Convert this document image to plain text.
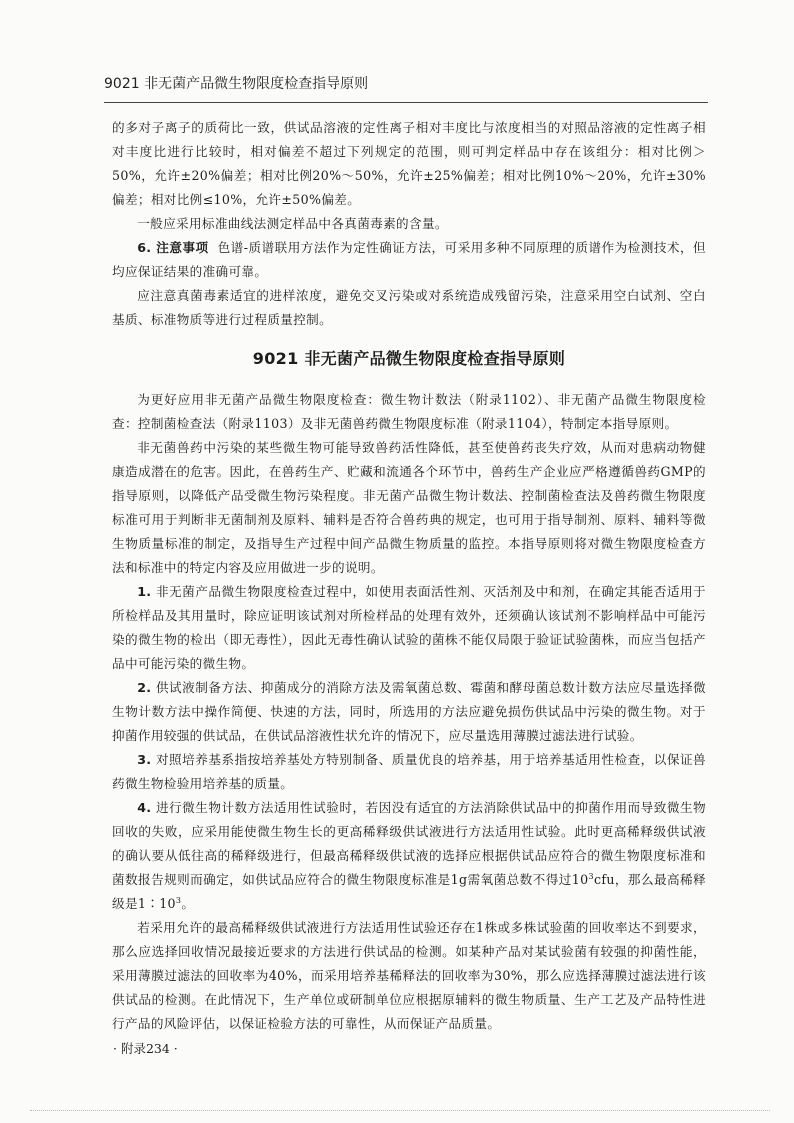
9021 非无菌产品微生物限度检查指导原则

的多对子离子的质荷比一致，供试品溶液的定性离子相对丰度比与浓度相当的对照品溶液的定性离子相对丰度比进行比较时，相对偏差不超过下列规定的范围，则可判定样品中存在该组分：相对比例＞50%，允许±20%偏差；相对比例20%～50%，允许±25%偏差；相对比例10%～20%，允许±30%偏差；相对比例≤10%，允许±50%偏差。

一般应采用标准曲线法测定样品中各真菌毒素的含量。

6. 注意事项 色谱-质谱联用方法作为定性确证方法，可采用多种不同原理的质谱作为检测技术，但均应保证结果的准确可靠。

应注意真菌毒素适宜的进样浓度，避免交叉污染或对系统造成残留污染，注意采用空白试剂、空白基质、标准物质等进行过程质量控制。

9021 非无菌产品微生物限度检查指导原则

为更好应用非无菌产品微生物限度检查：微生物计数法（附录1102）、非无菌产品微生物限度检查：控制菌检查法（附录1103）及非无菌兽药微生物限度标准（附录1104），特制定本指导原则。

非无菌兽药中污染的某些微生物可能导致兽药活性降低，甚至使兽药丧失疗效，从而对患病动物健康造成潜在的危害。因此，在兽药生产、贮藏和流通各个环节中，兽药生产企业应严格遵循兽药GMP的指导原则，以降低产品受微生物污染程度。非无菌产品微生物计数法、控制菌检查法及兽药微生物限度标准可用于判断非无菌制剂及原料、辅料是否符合兽药典的规定，也可用于指导制剂、原料、辅料等微生物质量标准的制定，及指导生产过程中间产品微生物质量的监控。本指导原则将对微生物限度检查方法和标准中的特定内容及应用做进一步的说明。

1. 非无菌产品微生物限度检查过程中，如使用表面活性剂、灭活剂及中和剂，在确定其能否适用于所检样品及其用量时，除应证明该试剂对所检样品的处理有效外，还须确认该试剂不影响样品中可能污染的微生物的检出（即无毒性），因此无毒性确认试验的菌株不能仅局限于验证试验菌株，而应当包括产品中可能污染的微生物。

2. 供试液制备方法、抑菌成分的消除方法及需氧菌总数、霉菌和酵母菌总数计数方法应尽量选择微生物计数方法中操作简便、快速的方法，同时，所选用的方法应避免损伤供试品中污染的微生物。对于抑菌作用较强的供试品，在供试品溶液性状允许的情况下，应尽量选用薄膜过滤法进行试验。

3. 对照培养基系指按培养基处方特别制备、质量优良的培养基，用于培养基适用性检查，以保证兽药微生物检验用培养基的质量。

4. 进行微生物计数方法适用性试验时，若因没有适宜的方法消除供试品中的抑菌作用而导致微生物回收的失败，应采用能使微生物生长的更高稀释级供试液进行方法适用性试验。此时更高稀释级供试液的确认要从低往高的稀释级进行，但最高稀释级供试液的选择应根据供试品应符合的微生物限度标准和菌数报告规则而确定，如供试品应符合的微生物限度标准是1g需氧菌总数不得过$10^3cfu$，那么最高稀释级是$1∶10^3$。

若采用允许的最高稀释级供试液进行方法适用性试验还存在1株或多株试验菌的回收率达不到要求，那么应选择回收情况最接近要求的方法进行供试品的检测。如某种产品对某试验菌有较强的抑菌性能，采用薄膜过滤法的回收率为40%，而采用培养基稀释法的回收率为30%，那么应选择薄膜过滤法进行该供试品的检测。在此情况下，生产单位或研制单位应根据原辅料的微生物质量、生产工艺及产品特性进行产品的风险评估，以保证检验方法的可靠性，从而保证产品质量。

· 附录234 ·
